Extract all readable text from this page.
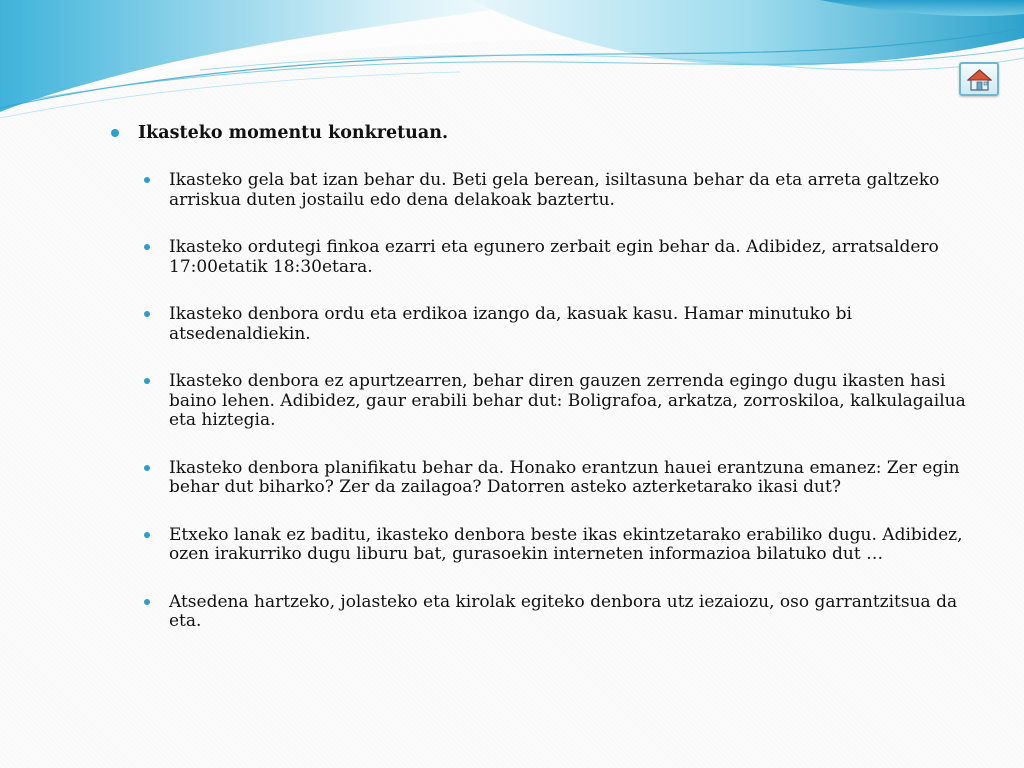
Ikasteko momentu konkretuan.
Ikasteko gela bat izan behar du. Beti gela berean, isiltasuna behar da eta arreta galtzeko arriskua duten jostailu edo dena delakoak baztertu.
Ikasteko ordutegi finkoa ezarri eta egunero zerbait egin behar da. Adibidez, arratsaldero 17:00etatik 18:30etara.
Ikasteko denbora ordu eta erdikoa izango da, kasuak kasu. Hamar minutuko bi atsedenaldiekin.
Ikasteko denbora ez apurtzearren, behar diren gauzen zerrenda egingo dugu ikasten hasi baino lehen. Adibidez, gaur erabili behar dut: Boligrafoa, arkatza, zorroskiloa, kalkulagailua eta hiztegia.
Ikasteko denbora planifikatu behar da. Honako erantzun hauei erantzuna emanez: Zer egin behar dut biharko? Zer da zailagoa? Datorren asteko azterketarako ikasi dut?
Etxeko lanak ez baditu, ikasteko denbora beste ikas ekintzetarako erabiliko dugu. Adibidez, ozen irakurriko dugu liburu bat, gurasoekin interneten informazioa bilatuko dut …
Atsedena hartzeko, jolasteko eta kirolak egiteko denbora utz iezaiozu, oso garrantzitsua da eta.
